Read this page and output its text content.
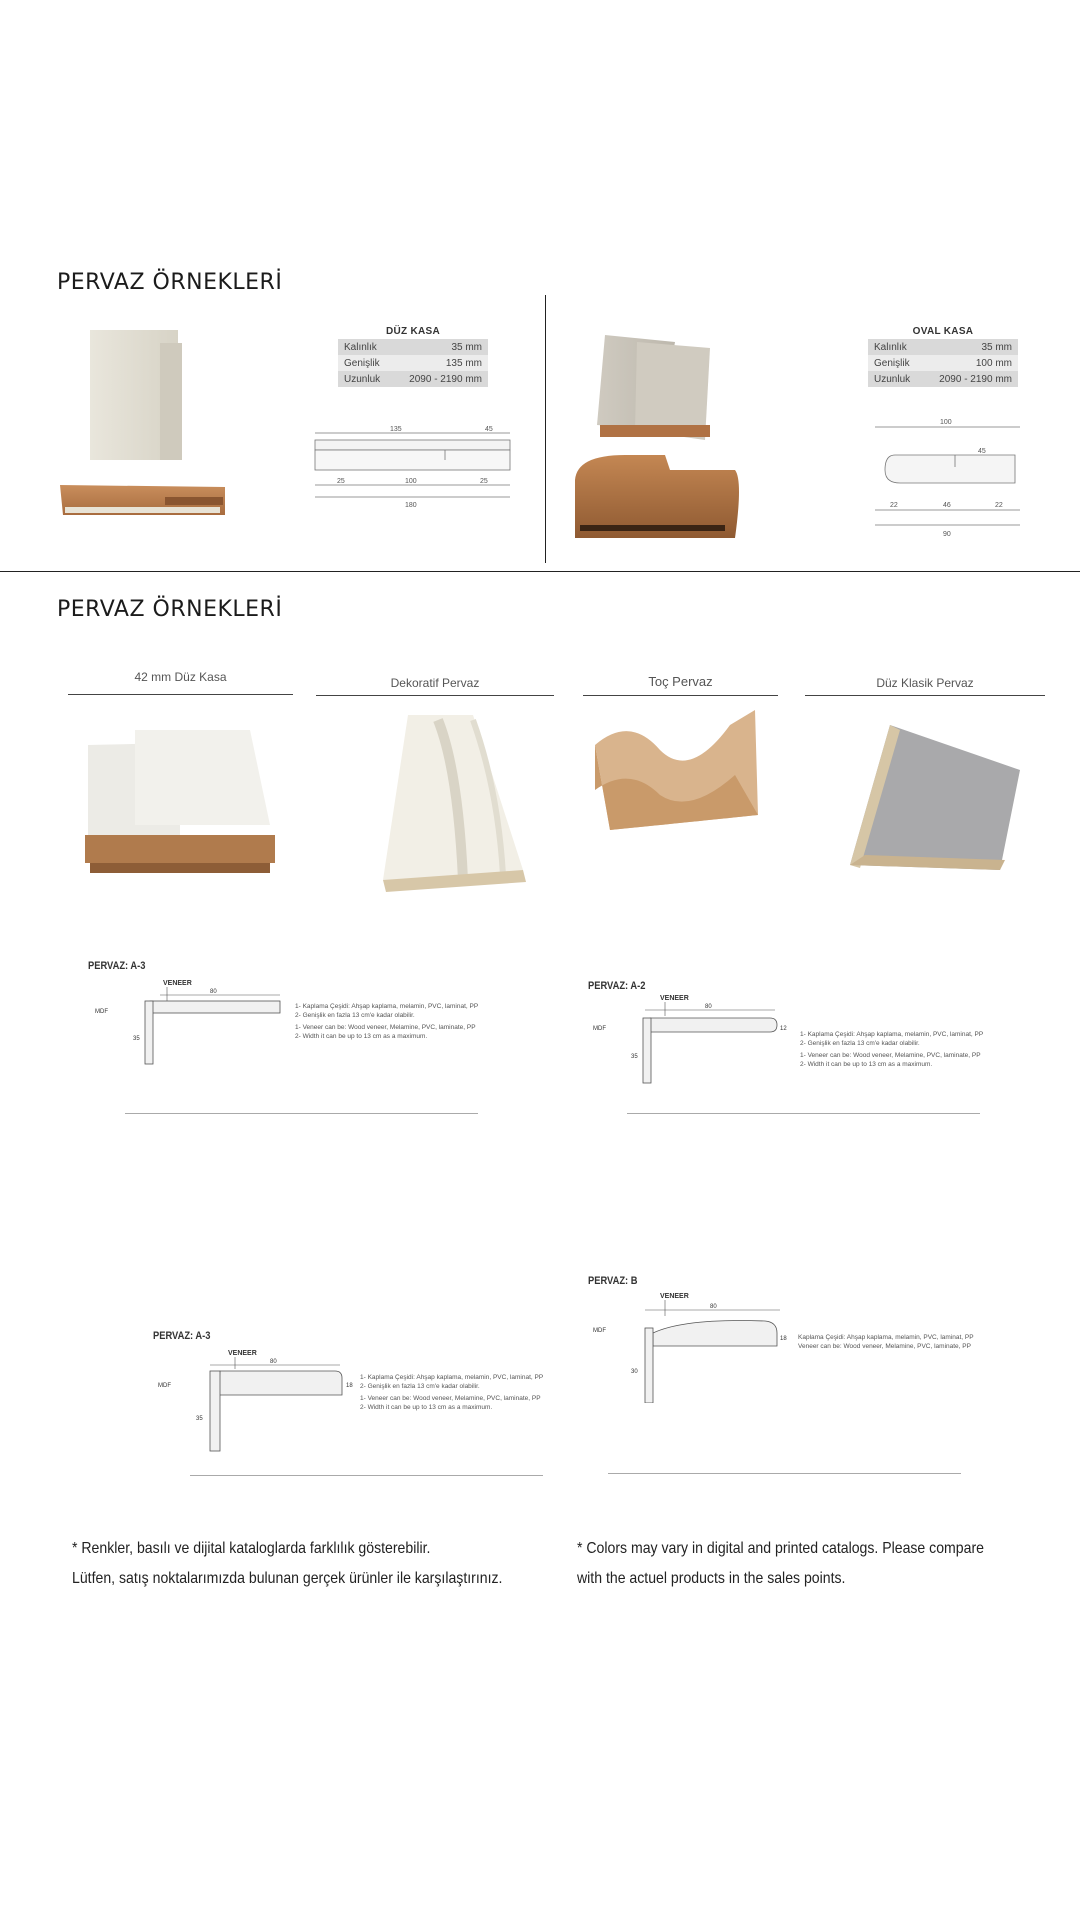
PERVAZ ÖRNEKLERİ
DÜZ KASA
Kalınlık	35 mm
Genişlik	135 mm
Uzunluk	2090 - 2190 mm
135	45
25	100	25
180
OVAL KASA
Kalınlık	35 mm
Genişlik	100 mm
Uzunluk	2090 - 2190 mm
100
45
22	46	22
90
PERVAZ ÖRNEKLERİ
42 mm Düz Kasa	Dekoratif Pervaz	Toç Pervaz	Düz Klasik Pervaz
PERVAZ: A-3
VENEER
MDF
80
35
1- Kaplama Çeşidi: Ahşap kaplama, melamin, PVC, laminat, PP
2- Genişlik en fazla 13 cm'e kadar olabilir.
1- Veneer can be: Wood veneer, Melamine, PVC, laminate, PP
2- Width it can be up to 13 cm as a maximum.
PERVAZ: A-2
VENEER
MDF
80
35
12
1- Kaplama Çeşidi: Ahşap kaplama, melamin, PVC, laminat, PP
2- Genişlik en fazla 13 cm'e kadar olabilir.
1- Veneer can be: Wood veneer, Melamine, PVC, laminate, PP
2- Width it can be up to 13 cm as a maximum.
PERVAZ: A-3
VENEER
MDF
80
35
18
1- Kaplama Çeşidi: Ahşap kaplama, melamin, PVC, laminat, PP
2- Genişlik en fazla 13 cm'e kadar olabilir.
1- Veneer can be: Wood veneer, Melamine, PVC, laminate, PP
2- Width it can be up to 13 cm as a maximum.
PERVAZ: B
VENEER
MDF
80
30
18 Kaplama Çeşidi: Ahşap kaplama, melamin, PVC, laminat, PP
Veneer can be: Wood veneer, Melamine, PVC, laminate, PP
* Renkler, basılı ve dijital kataloglarda farklılık gösterebilir.
Lütfen, satış noktalarımızda bulunan gerçek ürünler ile karşılaştırınız.
* Colors may vary in digital and printed catalogs. Please compare
with the actuel products in the sales points.
